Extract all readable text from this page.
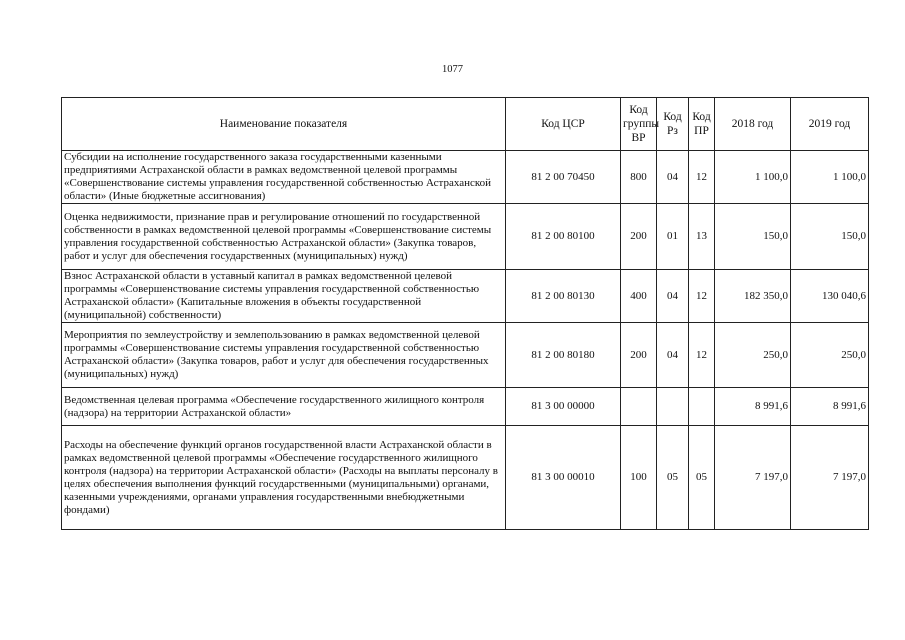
1077
Наименование показателя	Код ЦСР	Код группы ВР	Код Рз	Код ПР	2018 год	2019 год
Субсидии на исполнение государственного заказа государственными казенными предприятиями Астраханской области в рамках ведомственной целевой программы «Совершенствование системы управления государственной собственностью Астраханской области» (Иные бюджетные ассигнования)	81 2 00 70450	800	04	12	1 100,0	1 100,0
Оценка недвижимости, признание прав и регулирование отношений по государственной собственности в рамках ведомственной целевой программы «Совершенствование системы управления государственной собственностью Астраханской области» (Закупка товаров, работ и услуг для обеспечения государственных (муниципальных) нужд)	81 2 00 80100	200	01	13	150,0	150,0
Взнос Астраханской области в уставный капитал в рамках ведомственной целевой программы «Совершенствование системы управления государственной собственностью Астраханской области» (Капитальные вложения в объекты государственной (муниципальной) собственности)	81 2 00 80130	400	04	12	182 350,0	130 040,6
Мероприятия по землеустройству и землепользованию в рамках ведомственной целевой программы «Совершенствование системы управления государственной собственностью Астраханской области» (Закупка товаров, работ и услуг для обеспечения государственных (муниципальных) нужд)	81 2 00 80180	200	04	12	250,0	250,0
Ведомственная целевая программа «Обеспечение государственного жилищного контроля (надзора) на территории Астраханской области»	81 3 00 00000				8 991,6	8 991,6
Расходы на обеспечение функций органов государственной власти Астраханской области в рамках ведомственной целевой программы «Обеспечение государственного жилищного контроля (надзора) на территории Астраханской области» (Расходы на выплаты персоналу в целях обеспечения выполнения функций государственными (муниципальными) органами, казенными учреждениями, органами управления государственными внебюджетными фондами)	81 3 00 00010	100	05	05	7 197,0	7 197,0
